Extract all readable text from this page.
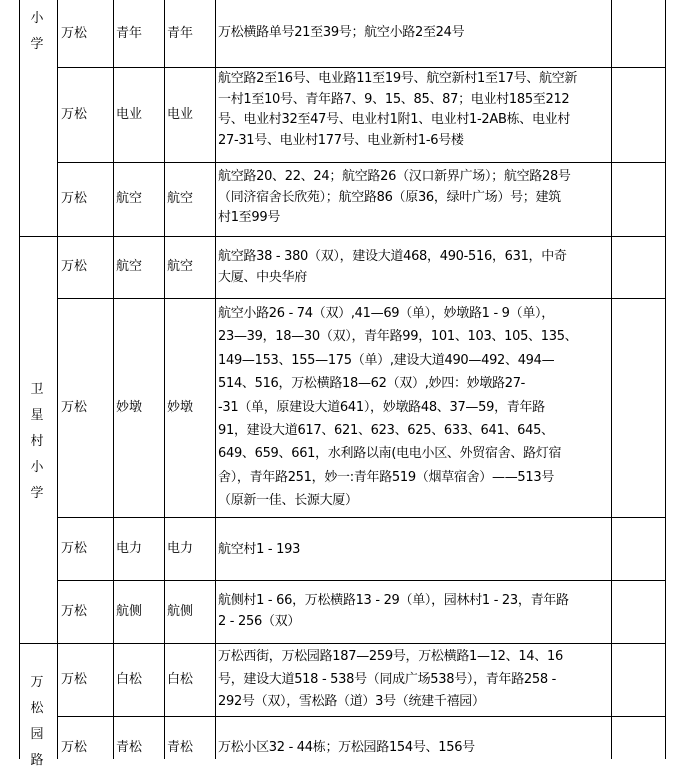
小
学
万松 青年 青年 万松横路单号21至39号；航空小路2至24号
万松 电业 电业
航空路2至16号、电业路11至19号、航空新村1至17号、航空新
一村1至10号、青年路7、9、15、85、87；电业村185至212
号、电业村32至47号、电业村1附1、电业村1-2AB栋、电业村
27-31号、电业村177号、电业新村1-6号楼
万松 航空 航空
航空路20、22、24；航空路26（汉口新界广场）；航空路28号
（同济宿舍长欣苑）；航空路86（原36，绿叶广场）号；建筑
村1至99号
卫
星
村
小
学
万松 航空 航空
航空路38 - 380（双），建设大道468，490-516，631，中奇
大厦、中央华府
万松 妙墩 妙墩
航空小路26 - 74（双）,41—69（单），妙墩路1 - 9（单），
23—39，18—30（双），青年路99，101、103、105、135、
149—153、155—175（单）,建设大道490—492、494—
514、516，万松横路18—62（双）,妙四：妙墩路27-
-31（单，原建设大道641），妙墩路48、37—59，青年路
91，建设大道617、621、623、625、633、641、645、
649、659、661，水利路以南(电电小区、外贸宿舍、路灯宿
舍），青年路251，妙一:青年路519（烟草宿舍）——513号
（原新一佳、长源大厦）
万松 电力 电力 航空村1 - 193
万松 航侧 航侧
航侧村1 - 66，万松横路13 - 29（单），园林村1 - 23，青年路
2 - 256（双）
万
松
园
路
万松 白松 白松
万松西街，万松园路187—259号，万松横路1—12、14、16
号，建设大道518 - 538号（同成广场538号），青年路258 -
292号（双），雪松路（道）3号（统建千禧园）
万松 青松 青松 万松小区32 - 44栋；万松园路154号、156号
